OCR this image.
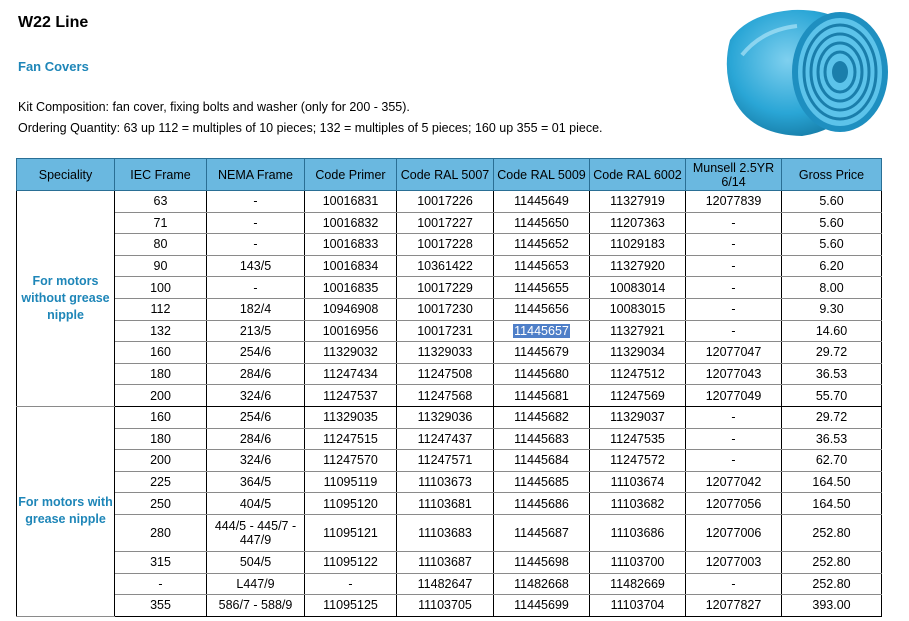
W22 Line
Fan Covers
Kit Composition: fan cover, fixing bolts and washer (only for 200 - 355).
Ordering Quantity: 63 up 112 = multiples of 10 pieces; 132 = multiples of 5 pieces; 160 up 355 = 01 piece.
Speciality	IEC Frame	NEMA Frame	Code Primer	Code RAL 5007	Code RAL 5009	Code RAL 6002	Munsell 2.5YR 6/14	Gross Price
For motors without grease nipple	63	-	10016831	10017226	11445649	11327919	12077839	5.60
	71	-	10016832	10017227	11445650	11207363	-	5.60
	80	-	10016833	10017228	11445652	11029183	-	5.60
	90	143/5	10016834	10361422	11445653	11327920	-	6.20
	100	-	10016835	10017229	11445655	10083014	-	8.00
	112	182/4	10946908	10017230	11445656	10083015	-	9.30
	132	213/5	10016956	10017231	11445657	11327921	-	14.60
	160	254/6	11329032	11329033	11445679	11329034	12077047	29.72
	180	284/6	11247434	11247508	11445680	11247512	12077043	36.53
	200	324/6	11247537	11247568	11445681	11247569	12077049	55.70
For motors with grease nipple	160	254/6	11329035	11329036	11445682	11329037	-	29.72
	180	284/6	11247515	11247437	11445683	11247535	-	36.53
	200	324/6	11247570	11247571	11445684	11247572	-	62.70
	225	364/5	11095119	11103673	11445685	11103674	12077042	164.50
	250	404/5	11095120	11103681	11445686	11103682	12077056	164.50
	280	444/5 - 445/7 - 447/9	11095121	11103683	11445687	11103686	12077006	252.80
	315	504/5	11095122	11103687	11445698	11103700	12077003	252.80
	-	L447/9	-	11482647	11482668	11482669	-	252.80
	355	586/7 - 588/9	11095125	11103705	11445699	11103704	12077827	393.00
